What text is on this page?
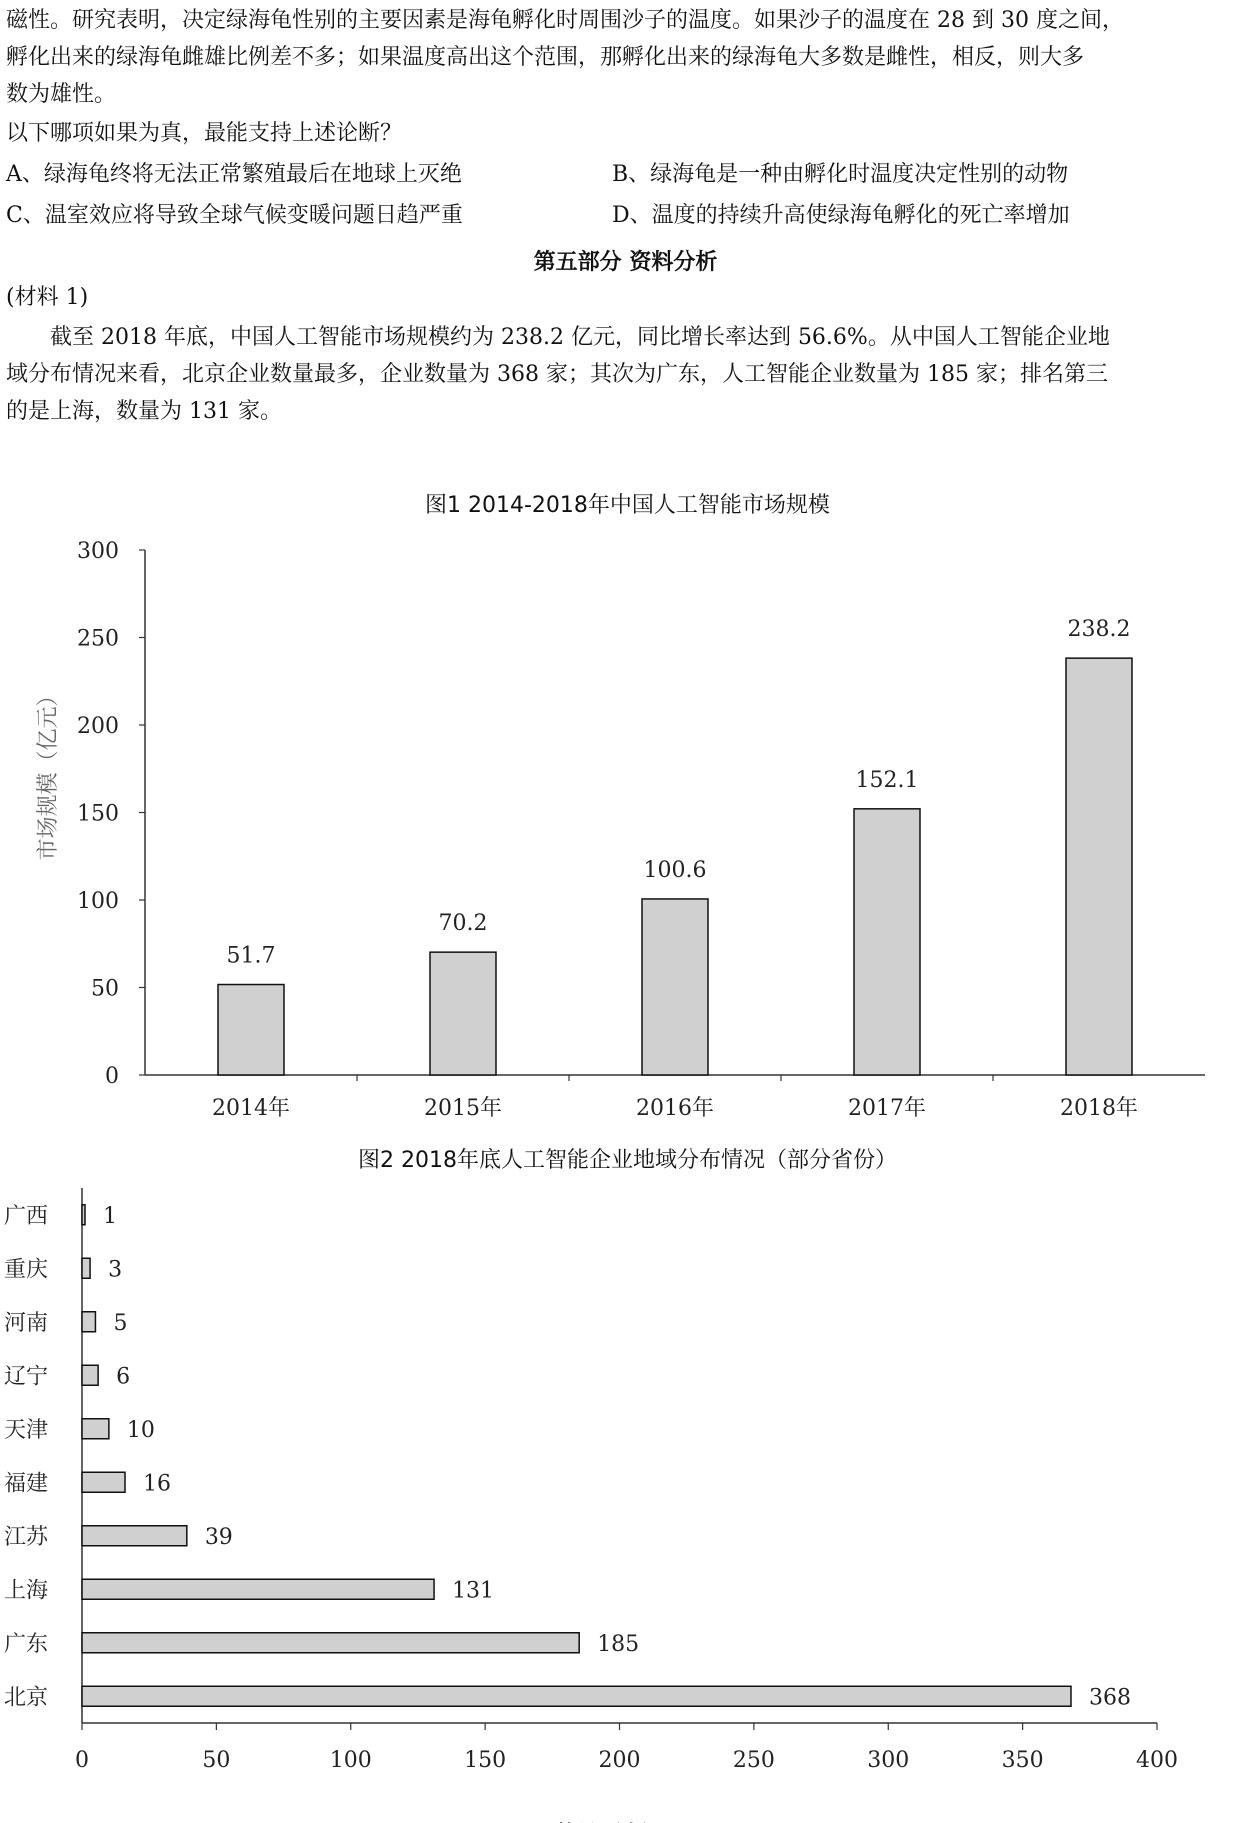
磁性。研究表明，决定绿海龟性别的主要因素是海龟孵化时周围沙子的温度。如果沙子的温度在 28 到 30 度之间，
孵化出来的绿海龟雌雄比例差不多；如果温度高出这个范围，那孵化出来的绿海龟大多数是雌性，相反，则大多
数为雄性。
以下哪项如果为真，最能支持上述论断？
A、绿海龟终将无法正常繁殖最后在地球上灭绝	B、绿海龟是一种由孵化时温度决定性别的动物
C、温室效应将导致全球气候变暖问题日趋严重	D、温度的持续升高使绿海龟孵化的死亡率增加
第五部分 资料分析
(材料 1)
截至 2018 年底，中国人工智能市场规模约为 238.2 亿元，同比增长率达到 56.6%。从中国人工智能企业地
域分布情况来看，北京企业数量最多，企业数量为 368 家；其次为广东，人工智能企业数量为 185 家；排名第三
的是上海，数量为 131 家。
图1 2014-2018年中国人工智能市场规模
0
50
100
150
200
250
300
市场规模（亿元）
51.7
2014年
70.2
2015年
100.6
2016年
152.1
2017年
238.2
2018年
图2 2018年底人工智能企业地域分布情况（部分省份）
0	50	100	150	200	250	300	350	400
1
广西
3
重庆
5
河南
6
辽宁
10
天津
16
福建
39
江苏
131
上海
185
广东
368
北京
